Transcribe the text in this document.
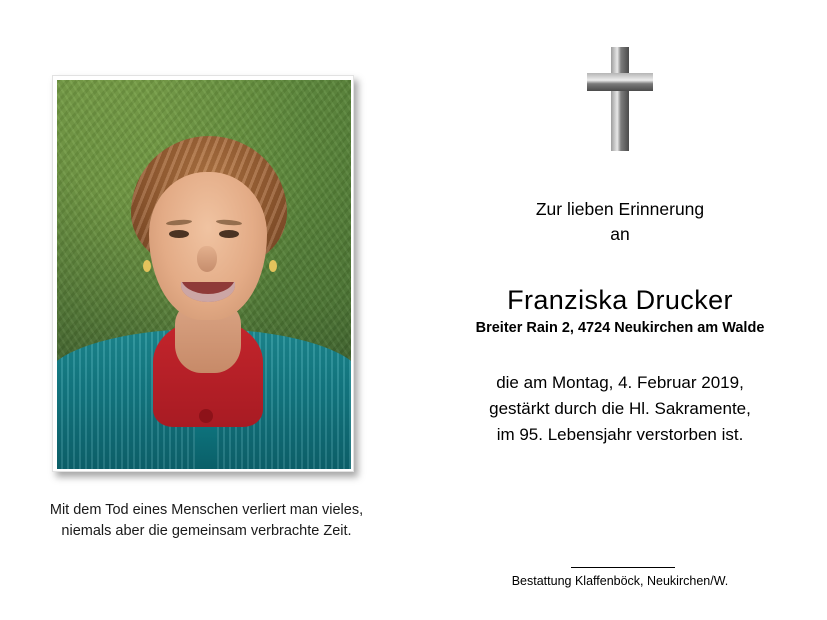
Mit dem Tod eines Menschen verliert man vieles,
niemals aber die gemeinsam verbrachte Zeit.
Zur lieben Erinnerung
an
Franziska Drucker
Breiter Rain 2, 4724 Neukirchen am Walde
die am Montag, 4. Februar 2019,
gestärkt durch die Hl. Sakramente,
im 95. Lebensjahr verstorben ist.
Bestattung Klaffenböck, Neukirchen/W.
